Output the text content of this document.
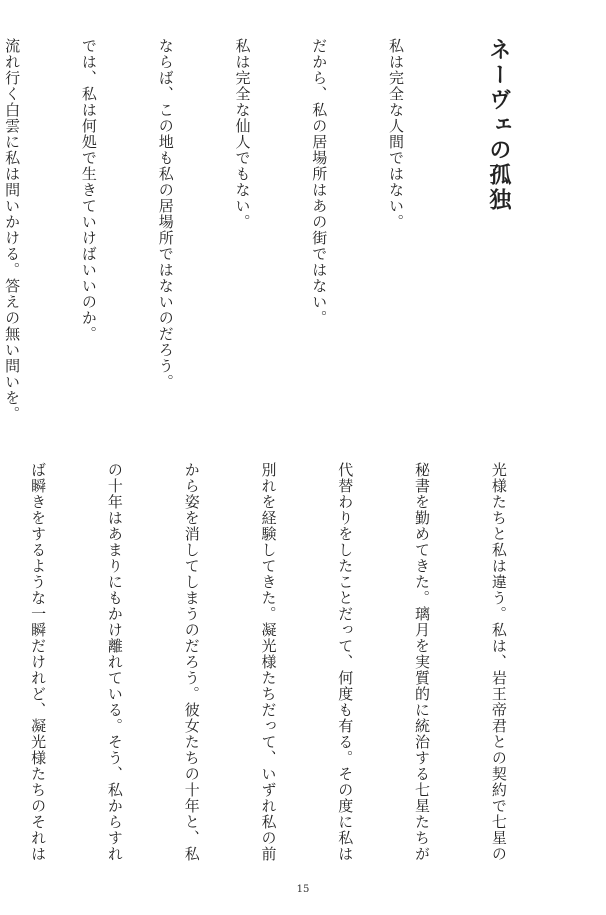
ネーヴェの孤独

私は完全な人間ではない。

だから、私の居場所はあの街ではない。

私は完全な仙人でもない。

ならば、この地も私の居場所ではないのだろう。

では、私は何処で生きていけばいいのか。

流れ行く白雲に私は問いかける。答えの無い問いを。

光様たちと私は違う。私は、岩王帝君との契約で七星の

秘書を勤めてきた。璃月を実質的に統治する七星たちが

代替わりをしたことだって、何度も有る。その度に私は

別れを経験してきた。凝光様たちだって、いずれ私の前

から姿を消してしまうのだろう。彼女たちの十年と、私

の十年はあまりにもかけ離れている。そう、私からすれ

ば瞬きをするような一瞬だけれど、凝光様たちのそれは

15
